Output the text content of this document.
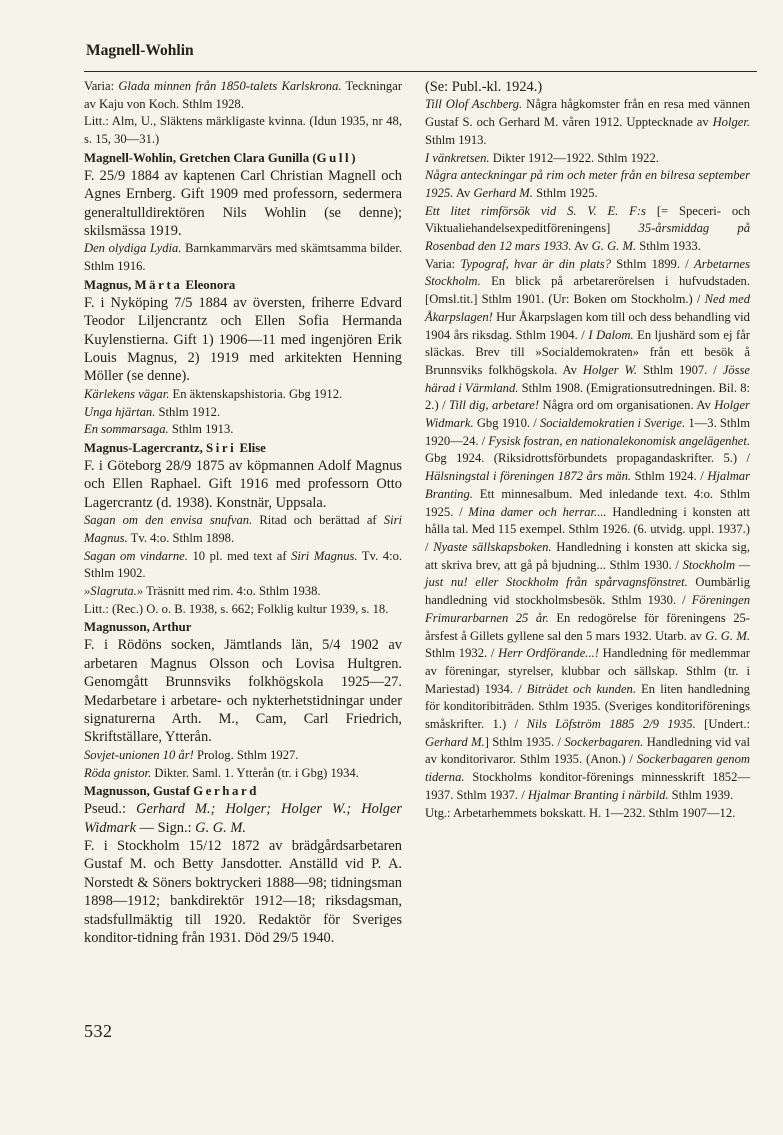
Magnell-Wohlin

Varia: Glada minnen från 1850-talets Karlskrona. Teckningar av Kaju von Koch. Sthlm 1928.

Litt.: Alm, U., Släktens märkligaste kvinna. (Idun 1935, nr 48, s. 15, 30—31.)

Magnell-Wohlin, Gretchen Clara Gunilla (Gull)

F. 25/9 1884 av kaptenen Carl Christian Magnell och Agnes Ernberg. Gift 1909 med professorn, sedermera generaltulldirektören Nils Wohlin (se denne); skilsmässa 1919.

Den olydiga Lydia. Barnkammarvärs med skämtsamma bilder. Sthlm 1916.

Magnus, Märta Eleonora

F. i Nyköping 7/5 1884 av översten, friherre Edvard Teodor Liljencrantz och Ellen Sofia Hermanda Kuylenstierna. Gift 1) 1906—11 med ingenjören Erik Louis Magnus, 2) 1919 med arkitekten Henning Möller (se denne).

Kärlekens vägar. En äktenskapshistoria. Gbg 1912.

Unga hjärtan. Sthlm 1912.

En sommarsaga. Sthlm 1913.

Magnus-Lagercrantz, Siri Elise

F. i Göteborg 28/9 1875 av köpmannen Adolf Magnus och Ellen Raphael. Gift 1916 med professorn Otto Lagercrantz (d. 1938). Konstnär, Uppsala.

Sagan om den envisa snufvan. Ritad och berättad af Siri Magnus. Tv. 4:o. Sthlm 1898.

Sagan om vindarne. 10 pl. med text af Siri Magnus. Tv. 4:o. Sthlm 1902.

»Slagruta.» Träsnitt med rim. 4:o. Sthlm 1938.

Litt.: (Rec.) O. o. B. 1938, s. 662; Folklig kultur 1939, s. 18.

Magnusson, Arthur

F. i Rödöns socken, Jämtlands län, 5/4 1902 av arbetaren Magnus Olsson och Lovisa Hultgren. Genomgått Brunnsviks folkhögskola 1925—27. Medarbetare i arbetare- och nykterhetstidningar under signaturerna Arth. M., Cam, Carl Friedrich, Skriftställare, Ytterån.

Sovjet-unionen 10 år! Prolog. Sthlm 1927.

Röda gnistor. Dikter. Saml. 1. Ytterån (tr. i Gbg) 1934.

Magnusson, Gustaf Gerhard

Pseud.: Gerhard M.; Holger; Holger W.; Holger Widmark — Sign.: G. G. M.

F. i Stockholm 15/12 1872 av brädgårdsarbetaren Gustaf M. och Betty Jansdotter. Anställd vid P. A. Norstedt & Söners boktryckeri 1888—98; tidningsman 1898—1912; bankdirektör 1912—18; riksdagsman, stadsfullmäktig till 1920. Redaktör för Sveriges konditor-tidning från 1931. Död 29/5 1940.

(Se: Publ.-kl. 1924.)

Till Olof Aschberg. Några hågkomster från en resa med vännen Gustaf S. och Gerhard M. våren 1912. Upptecknade av Holger. Sthlm 1913.

I vänkretsen. Dikter 1912—1922. Sthlm 1922.

Några anteckningar på rim och meter från en bilresa september 1925. Av Gerhard M. Sthlm 1925.

Ett litet rimförsök vid S. V. E. F:s [= Speceri- och Viktualiehandelsexpeditföreningens] 35-årsmiddag på Rosenbad den 12 mars 1933. Av G. G. M. Sthlm 1933.

Varia: Typograf, hvar är din plats? Sthlm 1899. / Arbetarnes Stockholm. En blick på arbetarerörelsen i hufvudstaden. [Omsl.tit.] Sthlm 1901. (Ur: Boken om Stockholm.) / Ned med Åkarpslagen! Hur Åkarpslagen kom till och dess behandling vid 1904 års riksdag. Sthlm 1904. / I Dalom. En ljushärd som ej får släckas. Brev till »Socialdemokraten» från ett besök å Brunnsviks folkhögskola. Av Holger W. Sthlm 1907. / Jösse härad i Värmland. Sthlm 1908. (Emigrationsutredningen. Bil. 8: 2.) / Till dig, arbetare! Några ord om organisationen. Av Holger Widmark. Gbg 1910. / Socialdemokratien i Sverige. 1—3. Sthlm 1920—24. / Fysisk fostran, en nationalekonomisk angelägenhet. Gbg 1924. (Riksidrottsförbundets propagandaskrifter. 5.) / Hälsningstal i föreningen 1872 års män. Sthlm 1924. / Hjalmar Branting. Ett minnesalbum. Med inledande text. 4:o. Sthlm 1925. / Mina damer och herrar.... Handledning i konsten att hålla tal. Med 115 exempel. Sthlm 1926. (6. utvidg. uppl. 1937.) / Nyaste sällskapsboken. Handledning i konsten att skicka sig, att skriva brev, att gå på bjudning... Sthlm 1930. / Stockholm — just nu! eller Stockholm från spårvagnsfönstret. Oumbärlig handledning vid stockholmsbesök. Sthlm 1930. / Föreningen Frimurarbarnen 25 år. En redogörelse för föreningens 25-årsfest å Gillets gyllene sal den 5 mars 1932. Utarb. av G. G. M. Sthlm 1932. / Herr Ordförande...! Handledning för medlemmar av föreningar, styrelser, klubbar och sällskap. Sthlm (tr. i Mariestad) 1934. / Biträdet och kunden. En liten handledning för konditoribiträden. Sthlm 1935. (Sveriges konditoriförenings småskrifter. 1.) / Nils Löfström 1885 2/9 1935. [Undert.: Gerhard M.] Sthlm 1935. / Sockerbagaren. Handledning vid val av konditorivaror. Sthlm 1935. (Anon.) / Sockerbagaren genom tiderna. Stockholms konditor-förenings minnesskrift 1852—1937. Sthlm 1937. / Hjalmar Branting i närbild. Sthlm 1939.

Utg.: Arbetarhemmets bokskatt. H. 1—232. Sthlm 1907—12.

532
